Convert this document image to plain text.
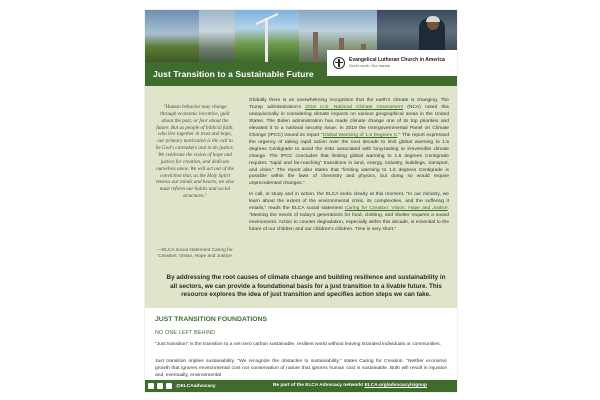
Just Transition to a Sustainable Future
Evangelical Lutheran Church in America
God's work. Our hands.
"Human behavior may change through economic incentive, guilt about the past, or fear about the future. But as people of biblical faith, who live together in trust and hope, our primary motivation is the call to be God's caretakers and to do justice. We celebrate the vision of hope and justice for creation, and dedicate ourselves anew. We will act out of the conviction that, as the Holy Spirit renews our minds and hearts, we also must reform our habits and social structures."
—ELCA social statement Caring for Creation: Vision, Hope and Justice

Globally there is an overwhelming recognition that the earth's climate is changing. The Trump administration's 2018 U.S. National Climate Assessment (NCA) noted this unequivocally in considering climate impacts on various geographical areas in the United States. The Biden administration has made climate change one of its top priorities and elevated it to a national security issue. In 2019 the Intergovernmental Panel on Climate Change (IPCC) issued its report "Global Warming of 1.5 Degrees C." The report expressed the urgency of taking rapid action over the next decade to limit global warming to 1.5 degrees Centigrade to avoid the risks associated with long-lasting or irreversible climate change. The IPCC concludes that limiting global warming to 1.5 degrees Centigrade requires "rapid and far-reaching" transitions in land, energy, industry, buildings, transport, and cities." The report also states that "limiting warming to 1.5 degrees Centigrade is possible within the laws of chemistry and physics, but doing so would require unprecedented changes."

In call, in study and in action, the ELCA looks clearly at this moment. "In our ministry, we learn about the extent of the environmental crisis, its complexities, and the suffering it entails," reads the ELCA social statement Caring for Creation: Vision, Hope and Justice. "Meeting the needs of today's generations for food, clothing, and shelter requires a sound environment. Action to counter degradation, especially within this decade, is essential to the future of our children and our children's children. Time is very short."

By addressing the root causes of climate change and building resilience and sustainability in all sectors, we can provide a foundational basis for a just transition to a livable future. This resource explores the idea of just transition and specifies action steps we can take.
JUST TRANSITION FOUNDATIONS
NO ONE LEFT BEHIND
"Just transition" is the transition to a net-zero carbon sustainable, resilient world without leaving stranded individuals or communities.
Just transition implies sustainability. "We recognize the obstacles to sustainability," states Caring for Creation. "Neither economic growth that ignores environmental cost nor conservation of nature that ignores human cost is sustainable. Both will result in injustice and, eventually, environmental
@ELCAadvocacy	Be part of the ELCA Advocacy network! ELCA.org/advocacy/signup
